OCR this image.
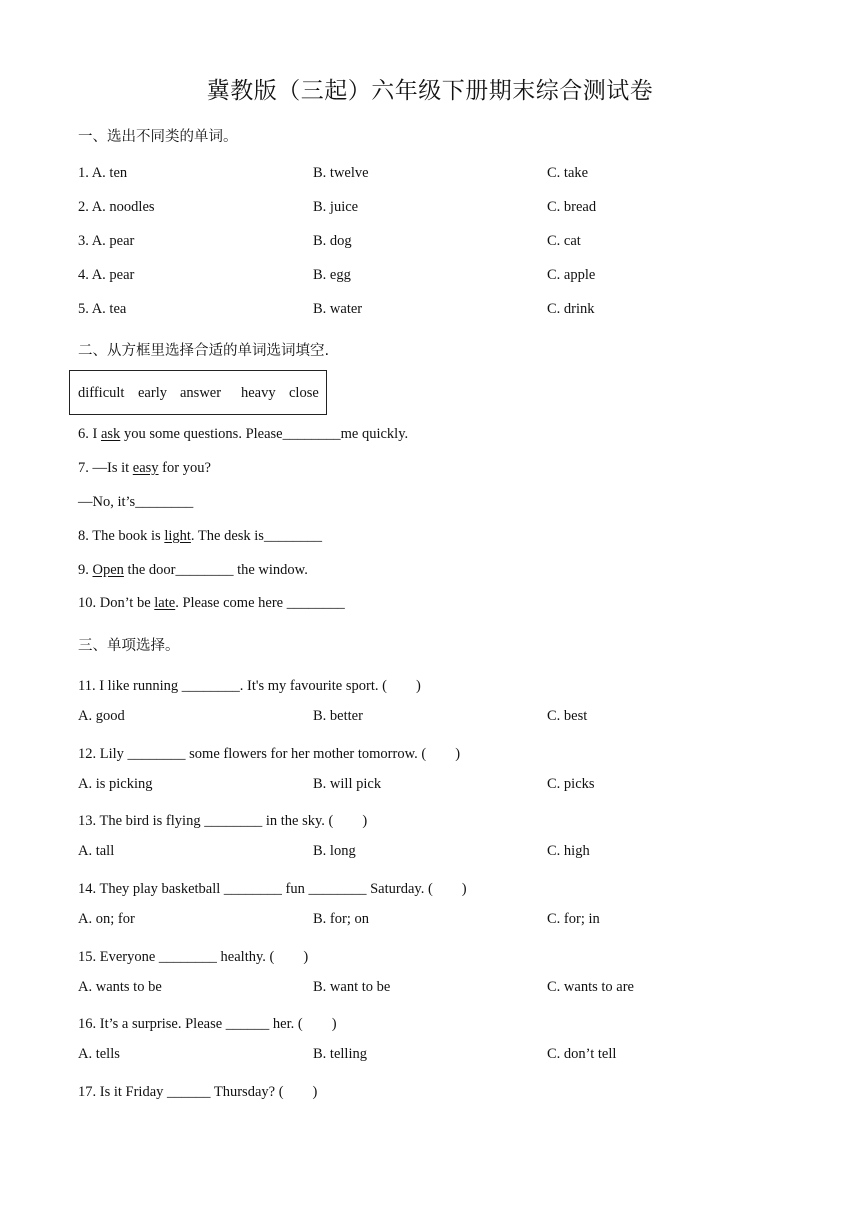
冀教版（三起）六年级下册期末综合测试卷
一、选出不同类的单词。
1. A. ten	B. twelve	C. take
2. A. noodles	B. juice	C. bread
3. A. pear	B. dog	C. cat
4. A. pear	B. egg	C. apple
5. A. tea	B. water	C. drink
二、从方框里选择合适的单词选词填空.
difficult early answer heavy close
6. I ask you some questions. Please________me quickly.
7. —Is it easy for you?
—No, it’s________
8. The book is light. The desk is________
9. Open the door________ the window.
10. Don’t be late. Please come here ________
三、单项选择。
11. I like running ________. It's my favourite sport. (　　)
A. good	B. better	C. best
12. Lily ________ some flowers for her mother tomorrow. (　　)
A. is picking	B. will pick	C. picks
13. The bird is flying ________ in the sky. (　　)
A. tall	B. long	C. high
14. They play basketball ________ fun ________ Saturday. (　　)
A. on; for	B. for; on	C. for; in
15. Everyone ________ healthy. (　　)
A. wants to be	B. want to be	C. wants to are
16. It’s a surprise. Please ______ her. (　　)
A. tells	B. telling	C. don’t tell
17. Is it Friday ______ Thursday? (　　)
